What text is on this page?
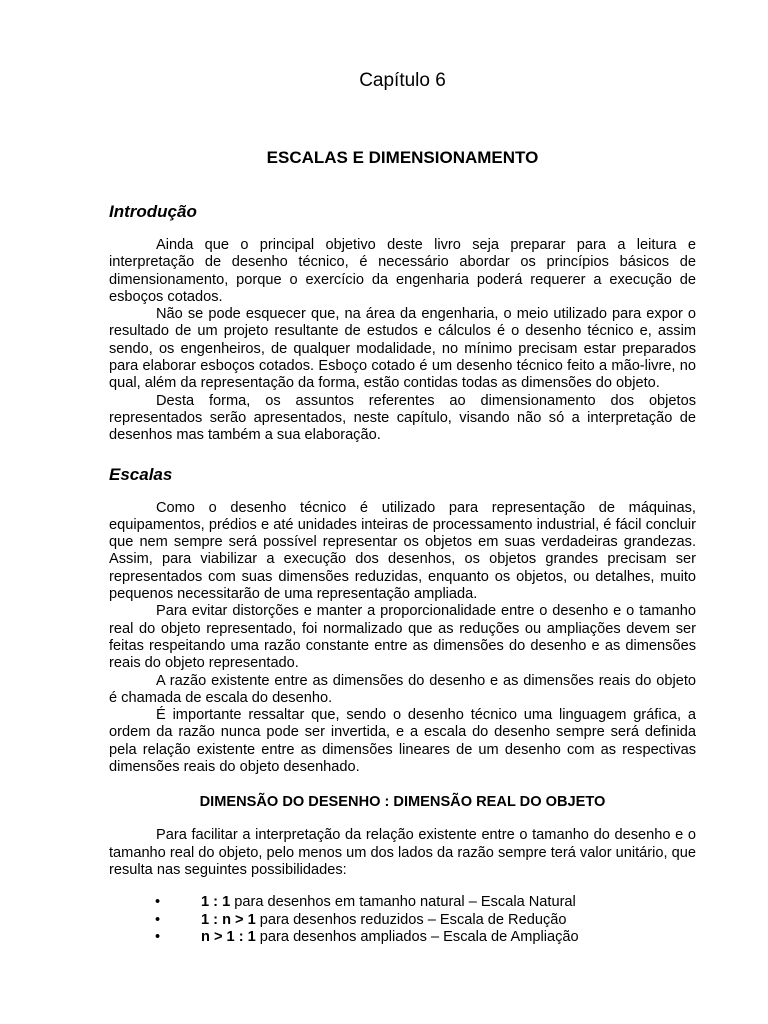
Capítulo 6
ESCALAS E DIMENSIONAMENTO
Introdução

Ainda que o principal objetivo deste livro seja preparar para a leitura e interpretação de desenho técnico, é necessário abordar os princípios básicos de dimensionamento, porque o exercício da engenharia poderá requerer a execução de esboços cotados.

Não se pode esquecer que, na área da engenharia, o meio utilizado para expor o resultado de um projeto resultante de estudos e cálculos é o desenho técnico e, assim sendo, os engenheiros, de qualquer modalidade, no mínimo precisam estar preparados para elaborar esboços cotados. Esboço cotado é um desenho técnico feito a mão-livre, no qual, além da representação da forma, estão contidas todas as dimensões do objeto.

Desta forma, os assuntos referentes ao dimensionamento dos objetos representados serão apresentados, neste capítulo, visando não só a interpretação de desenhos mas também a sua elaboração.

Escalas

Como o desenho técnico é utilizado para representação de máquinas, equipamentos, prédios e até unidades inteiras de processamento industrial, é fácil concluir que nem sempre será possível representar os objetos em suas verdadeiras grandezas. Assim, para viabilizar a execução dos desenhos, os objetos grandes precisam ser representados com suas dimensões reduzidas, enquanto os objetos, ou detalhes, muito pequenos necessitarão de uma representação ampliada.

Para evitar distorções e manter a proporcionalidade entre o desenho e o tamanho real do objeto representado, foi normalizado que as reduções ou ampliações devem ser feitas respeitando uma razão constante entre as dimensões do desenho e as dimensões reais do objeto representado.

A razão existente entre as dimensões do desenho e as dimensões reais do objeto é chamada de escala do desenho.

É importante ressaltar que, sendo o desenho técnico uma linguagem gráfica, a ordem da razão nunca pode ser invertida, e a escala do desenho sempre será definida pela relação existente entre as dimensões lineares de um desenho com as respectivas dimensões reais do objeto desenhado.

DIMENSÃO DO DESENHO : DIMENSÃO REAL DO OBJETO

Para facilitar a interpretação da relação existente entre o tamanho do desenho e o tamanho real do objeto, pelo menos um dos lados da razão sempre terá valor unitário, que resulta nas seguintes possibilidades:

•	1 : 1 para desenhos em tamanho natural – Escala Natural
•	1 : n > 1 para desenhos reduzidos – Escala de Redução
•	n > 1 : 1 para desenhos ampliados – Escala de Ampliação
